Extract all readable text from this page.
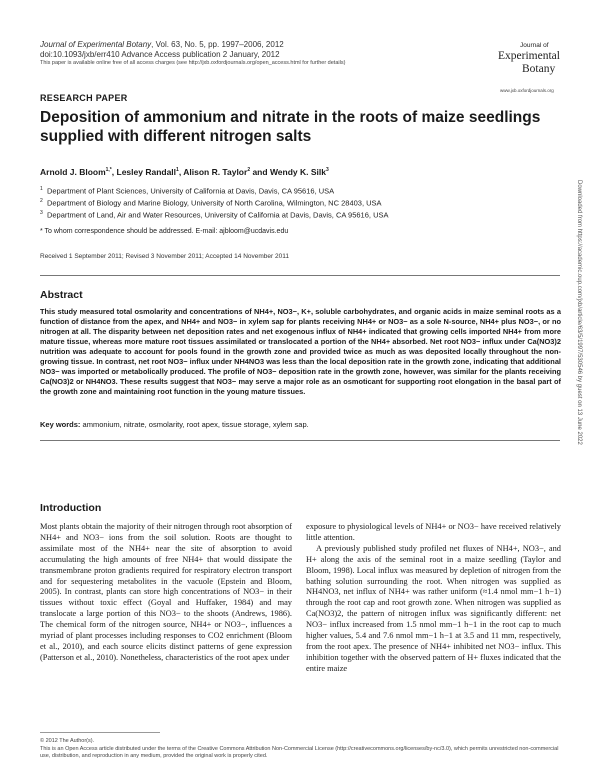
Journal of Experimental Botany, Vol. 63, No. 5, pp. 1997–2006, 2012
doi:10.1093/jxb/err410 Advance Access publication 2 January, 2012
This paper is available online free of all access charges (see http://jxb.oxfordjournals.org/open_access.html for further details)
Journal of
Experimental
Botany
www.jxb.oxfordjournals.org
RESEARCH PAPER
Deposition of ammonium and nitrate in the roots of maize seedlings supplied with different nitrogen salts
Arnold J. Bloom$^{1,*}$, Lesley Randall$^1$, Alison R. Taylor$^2$ and Wendy K. Silk$^3$
$^1$ Department of Plant Sciences, University of California at Davis, Davis, CA 95616, USA
$^2$ Department of Biology and Marine Biology, University of North Carolina, Wilmington, NC 28403, USA
$^3$ Department of Land, Air and Water Resources, University of California at Davis, Davis, CA 95616, USA
* To whom correspondence should be addressed. E-mail: ajbloom@ucdavis.edu
Received 1 September 2011; Revised 3 November 2011; Accepted 14 November 2011
Abstract
This study measured total osmolarity and concentrations of NH4+, NO3−, K+, soluble carbohydrates, and organic acids in maize seminal roots as a function of distance from the apex, and NH4+ and NO3− in xylem sap for plants receiving NH4+ or NO3− as a sole N-source, NH4+ plus NO3−, or no nitrogen at all. The disparity between net deposition rates and net exogenous influx of NH4+ indicated that growing cells imported NH4+ from more mature tissue, whereas more mature root tissues assimilated or translocated a portion of the NH4+ absorbed. Net root NO3− influx under Ca(NO3)2 nutrition was adequate to account for pools found in the growth zone and provided twice as much as was deposited locally throughout the non-growing tissue. In contrast, net root NO3− influx under NH4NO3 was less than the local deposition rate in the growth zone, indicating that additional NO3− was imported or metabolically produced. The profile of NO3− deposition rate in the growth zone, however, was similar for the plants receiving Ca(NO3)2 or NH4NO3. These results suggest that NO3− may serve a major role as an osmoticant for supporting root elongation in the basal part of the growth zone and maintaining root function in the young mature tissues.
Key words: ammonium, nitrate, osmolarity, root apex, tissue storage, xylem sap.
Introduction

Most plants obtain the majority of their nitrogen through root absorption of NH4+ and NO3− ions from the soil solution. Roots are thought to assimilate most of the NH4+ near the site of absorption to avoid accumulating the high amounts of free NH4+ that would dissipate the transmembrane proton gradients required for respiratory electron transport and for sequestering metabolites in the vacuole (Epstein and Bloom, 2005). In contrast, plants can store high concentrations of NO3− in their tissues without toxic effect (Goyal and Huffaker, 1984) and may translocate a large portion of this NO3− to the shoots (Andrews, 1986). The chemical form of the nitrogen source, NH4+ or NO3−, influences a myriad of plant processes including responses to CO2 enrichment (Bloom et al., 2010), and each source elicits distinct patterns of gene expression (Patterson et al., 2010). Nonetheless, characteristics of the root apex under

exposure to physiological levels of NH4+ or NO3− have received relatively little attention.

A previously published study profiled net fluxes of NH4+, NO3−, and H+ along the axis of the seminal root in a maize seedling (Taylor and Bloom, 1998). Local influx was measured by depletion of nitrogen from the bathing solution surrounding the root. When nitrogen was supplied as NH4NO3, net influx of NH4+ was rather uniform (≈1.4 nmol mm−1 h−1) through the root cap and root growth zone. When nitrogen was supplied as Ca(NO3)2, the pattern of nitrogen influx was significantly different: net NO3− influx increased from 1.5 nmol mm−1 h−1 in the root cap to much higher values, 5.4 and 7.6 nmol mm−1 h−1 at 3.5 and 11 mm, respectively, from the root apex. The presence of NH4+ inhibited net NO3− influx. This inhibition together with the observed pattern of H+ fluxes indicated that the entire maize

© 2012 The Author(s).
This is an Open Access article distributed under the terms of the Creative Commons Attribution Non-Commercial License (http://creativecommons.org/licenses/by-nc/3.0), which permits unrestricted non-commercial use, distribution, and reproduction in any medium, provided the original work is properly cited.
Downloaded from https://academic.oup.com/jxb/article/63/5/1997/530546 by guest on 13 June 2022
